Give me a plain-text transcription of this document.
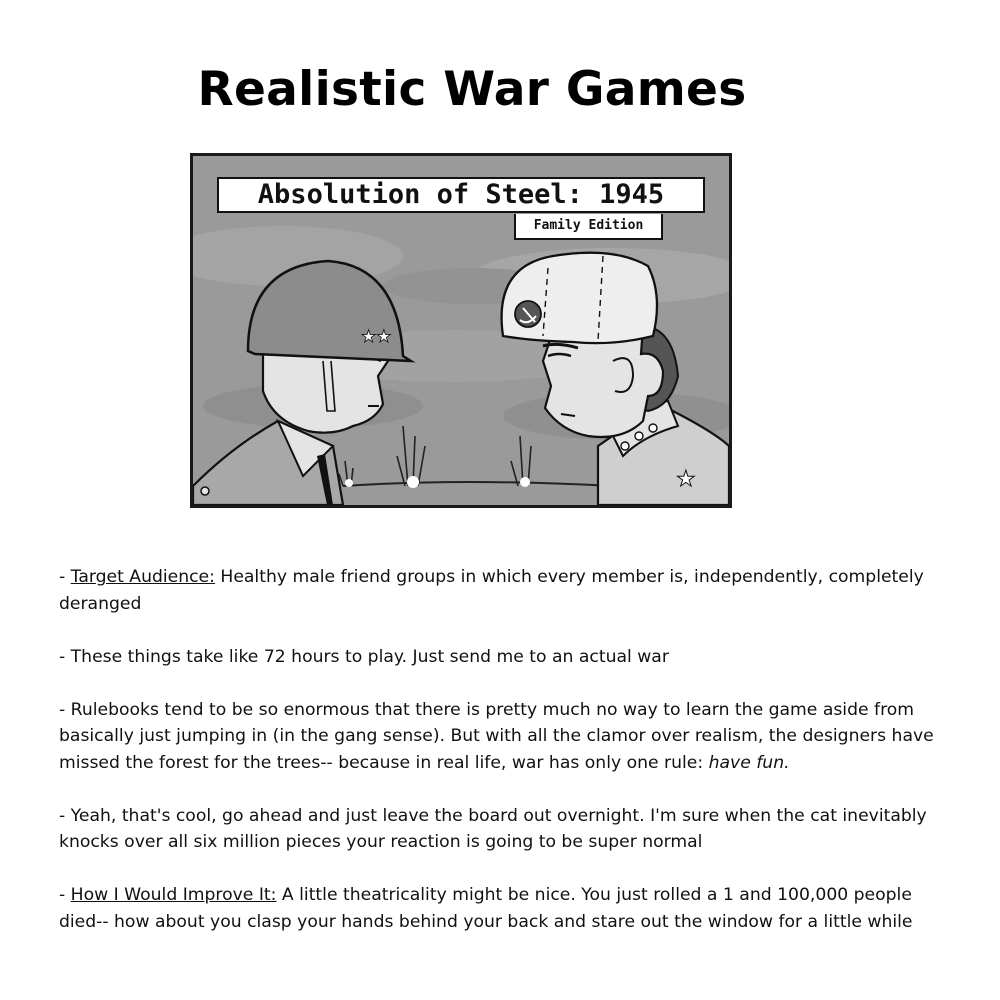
Realistic War Games
★★
★
Absolution of Steel: 1945
Family Edition

- Target Audience: Healthy male friend groups in which every member is, independently, completely deranged

- These things take like 72 hours to play. Just send me to an actual war

- Rulebooks tend to be so enormous that there is pretty much no way to learn the game aside from basically just jumping in (in the gang sense). But with all the clamor over realism, the designers have missed the forest for the trees-- because in real life, war has only one rule: have fun.

- Yeah, that's cool, go ahead and just leave the board out overnight. I'm sure when the cat inevitably knocks over all six million pieces your reaction is going to be super normal

- How I Would Improve It: A little theatricality might be nice. You just rolled a 1 and 100,000 people died-- how about you clasp your hands behind your back and stare out the window for a little while
